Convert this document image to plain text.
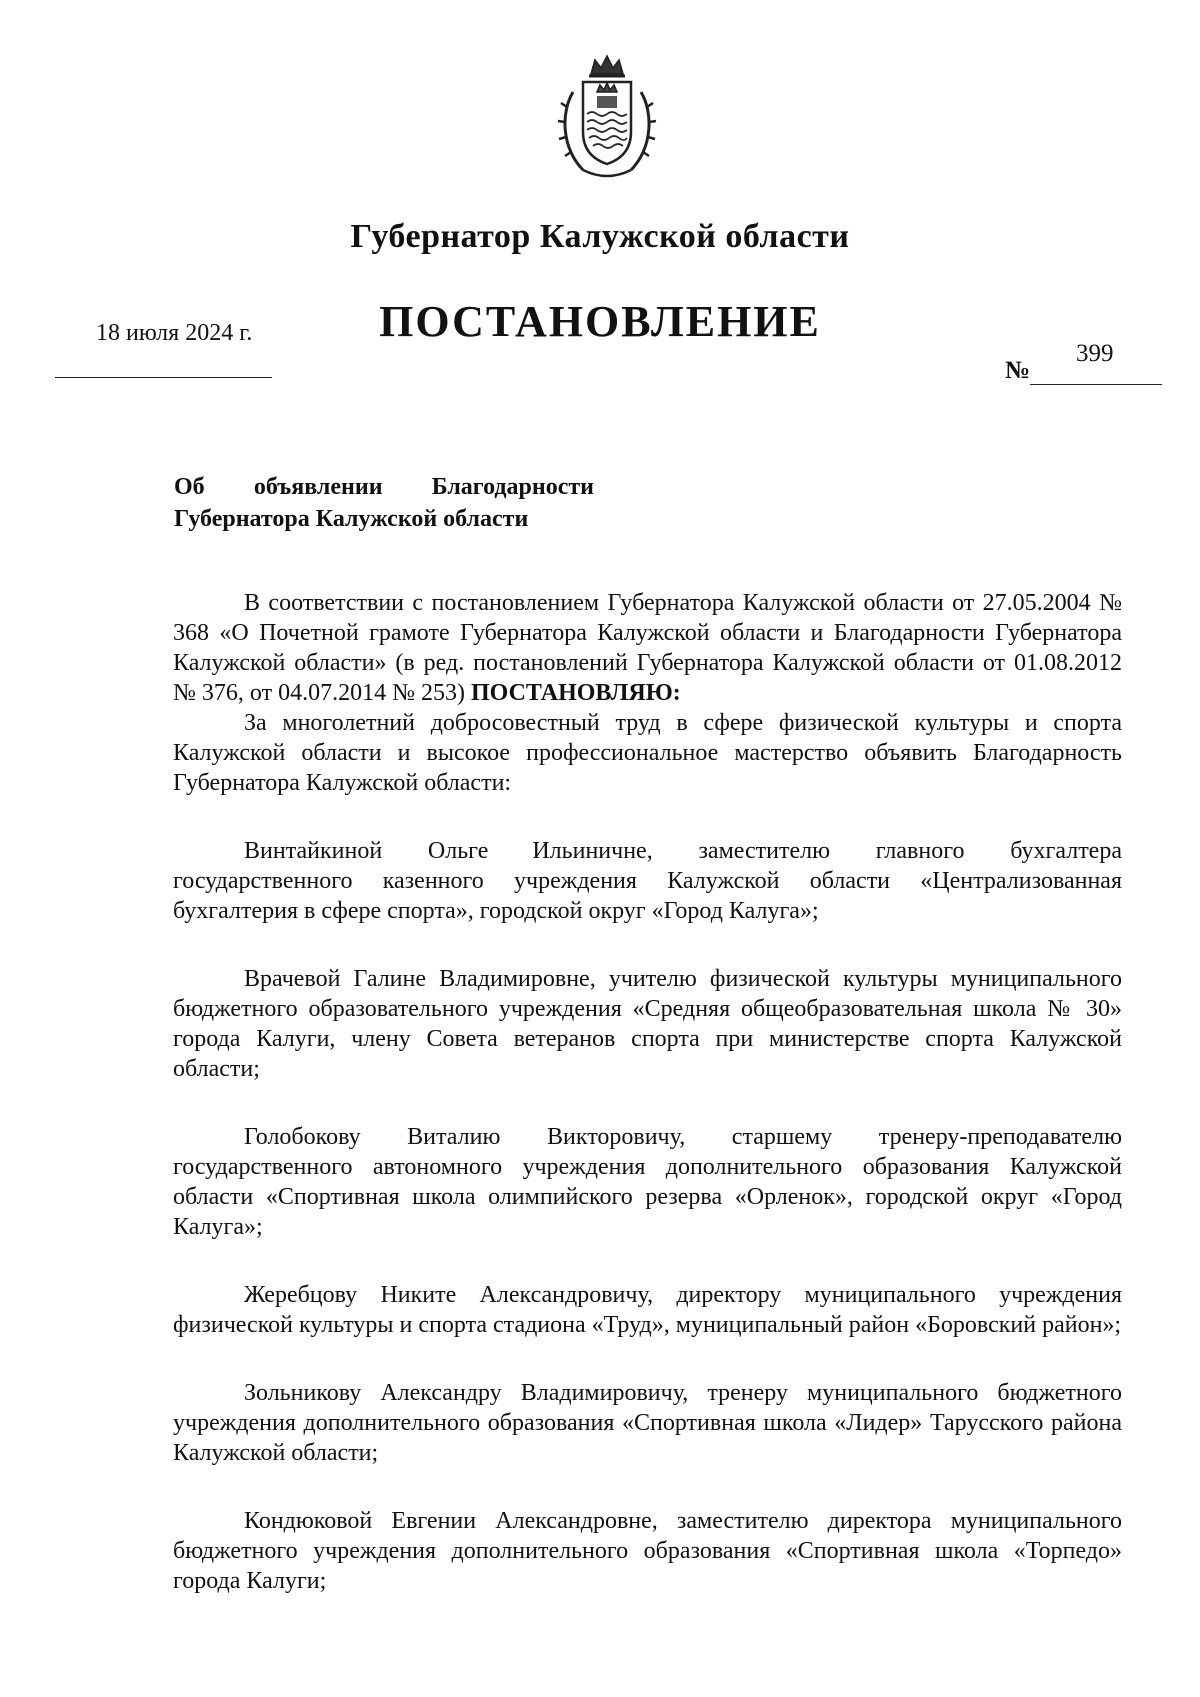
Губернатор Калужской области
ПОСТАНОВЛЕНИЕ
18 июля 2024 г.
№
399
Об объявлении Благодарности
Губернатора Калужской области

В соответствии с постановлением Губернатора Калужской области от 27.05.2004 № 368 «О Почетной грамоте Губернатора Калужской области и Благодарности Губернатора Калужской области» (в ред. постановлений Губернатора Калужской области от 01.08.2012 № 376, от 04.07.2014 № 253) ПОСТАНОВЛЯЮ:

За многолетний добросовестный труд в сфере физической культуры и спорта Калужской области и высокое профессиональное мастерство объявить Благодарность Губернатора Калужской области:

Винтайкиной Ольге Ильиничне, заместителю главного бухгалтера государственного казенного учреждения Калужской области «Централизованная бухгалтерия в сфере спорта», городской округ «Город Калуга»;

Врачевой Галине Владимировне, учителю физической культуры муниципального бюджетного образовательного учреждения «Средняя общеобразовательная школа № 30» города Калуги, члену Совета ветеранов спорта при министерстве спорта Калужской области;

Голобокову Виталию Викторовичу, старшему тренеру-преподавателю государственного автономного учреждения дополнительного образования Калужской области «Спортивная школа олимпийского резерва «Орленок», городской округ «Город Калуга»;

Жеребцову Никите Александровичу, директору муниципального учреждения физической культуры и спорта стадиона «Труд», муниципальный район «Боровский район»;

Зольникову Александру Владимировичу, тренеру муниципального бюджетного учреждения дополнительного образования «Спортивная школа «Лидер» Тарусского района Калужской области;

Кондюковой Евгении Александровне, заместителю директора муниципального бюджетного учреждения дополнительного образования «Спортивная школа «Торпедо» города Калуги;
